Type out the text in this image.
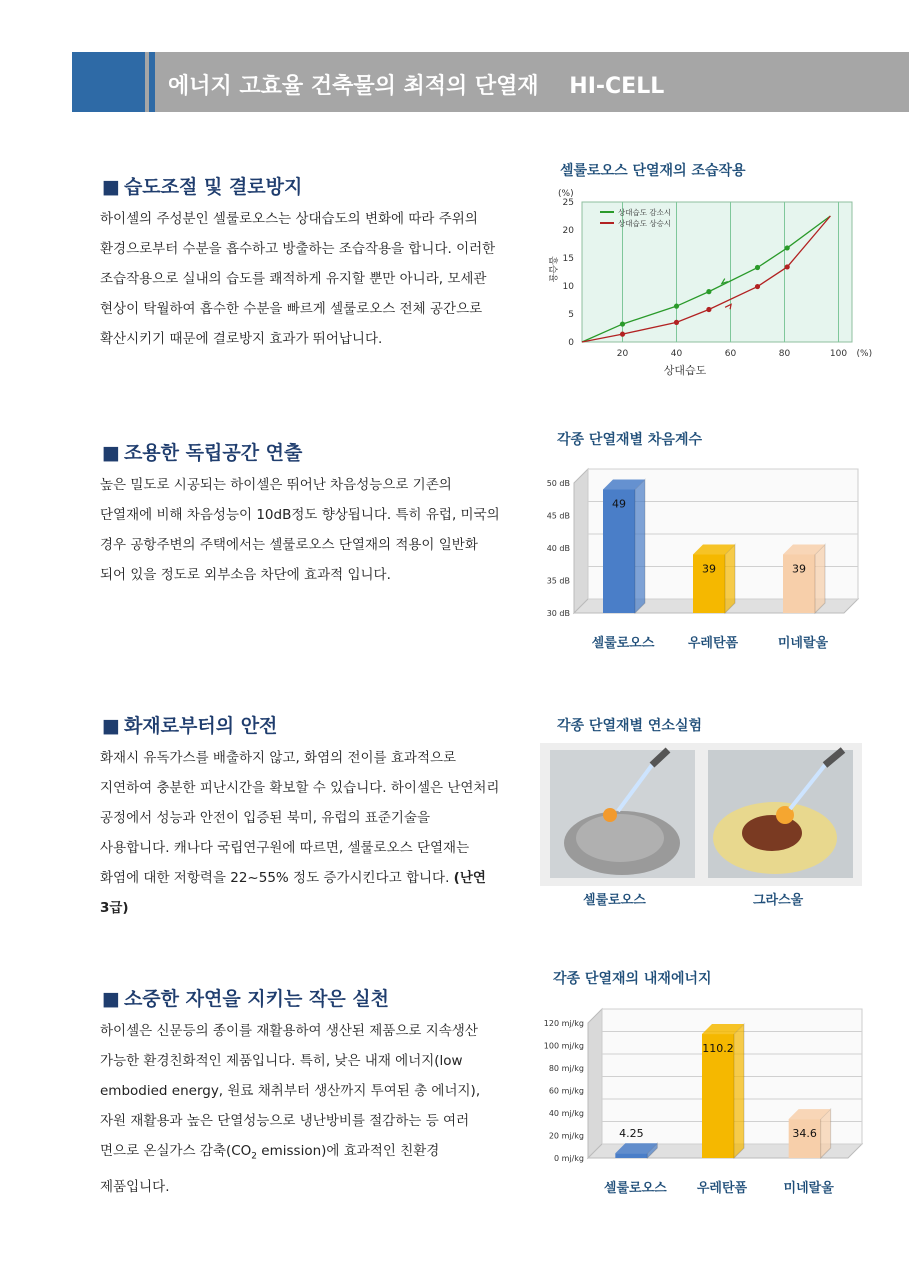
에너지 고효율 건축물의 최적의 단열재    HI-CELL
■ 습도조절 및 결로방지
하이셀의 주성분인 셀룰로오스는 상대습도의 변화에 따라 주위의 환경으로부터 수분을 흡수하고 방출하는 조습작용을 합니다. 이러한 조습작용으로 실내의 습도를 쾌적하게 유지할 뿐만 아니라, 모세관 현상이 탁월하여 흡수한 수분을 빠르게 셀룰로오스 전체 공간으로 확산시키기 때문에 결로방지 효과가 뛰어납니다.
셀룰로오스 단열재의 조습작용
20	40	60	80	100
0
5
10
15
20
25
(%)
(%)
상대습도
흡습율
상대습도 감소시
상대습도 상승시
■ 조용한 독립공간 연출
높은 밀도로 시공되는 하이셀은 뛰어난 차음성능으로 기존의 단열재에 비해 차음성능이 10dB정도 향상됩니다. 특히 유럽, 미국의 경우 공항주변의 주택에서는 셀룰로오스 단열재의 적용이 일반화 되어 있을 정도로 외부소음 차단에 효과적 입니다.
각종 단열재별 차음계수
30 dB
35 dB
40 dB
45 dB
50 dB
49
셀룰로오스
39
우레탄폼
39
미네랄울
■ 화재로부터의 안전
화재시 유독가스를 배출하지 않고, 화염의 전이를 효과적으로 지연하여 충분한 피난시간을 확보할 수 있습니다. 하이셀은 난연처리 공정에서 성능과 안전이 입증된 북미, 유럽의 표준기술을 사용합니다. 캐나다 국립연구원에 따르면, 셀룰로오스 단열재는 화염에 대한 저항력을 22~55% 정도 증가시킨다고 합니다. (난연 3급)
각종 단열재별 연소실험
셀룰로오스	그라스울
■ 소중한 자연을 지키는 작은 실천
하이셀은 신문등의 종이를 재활용하여 생산된 제품으로 지속생산 가능한 환경친화적인 제품입니다. 특히, 낮은 내재 에너지(low embodied energy, 원료 채취부터 생산까지 투여된 총 에너지), 자원 재활용과 높은 단열성능으로 냉난방비를 절감하는 등 여러 면으로 온실가스 감축($CO_2$ emission)에 효과적인 친환경 제품입니다.
각종 단열재의 내재에너지
0 mj/kg
20 mj/kg
40 mj/kg
60 mj/kg
80 mj/kg
100 mj/kg
120 mj/kg
4.25
셀룰로오스
110.2
우레탄폼
34.6
미네랄울
